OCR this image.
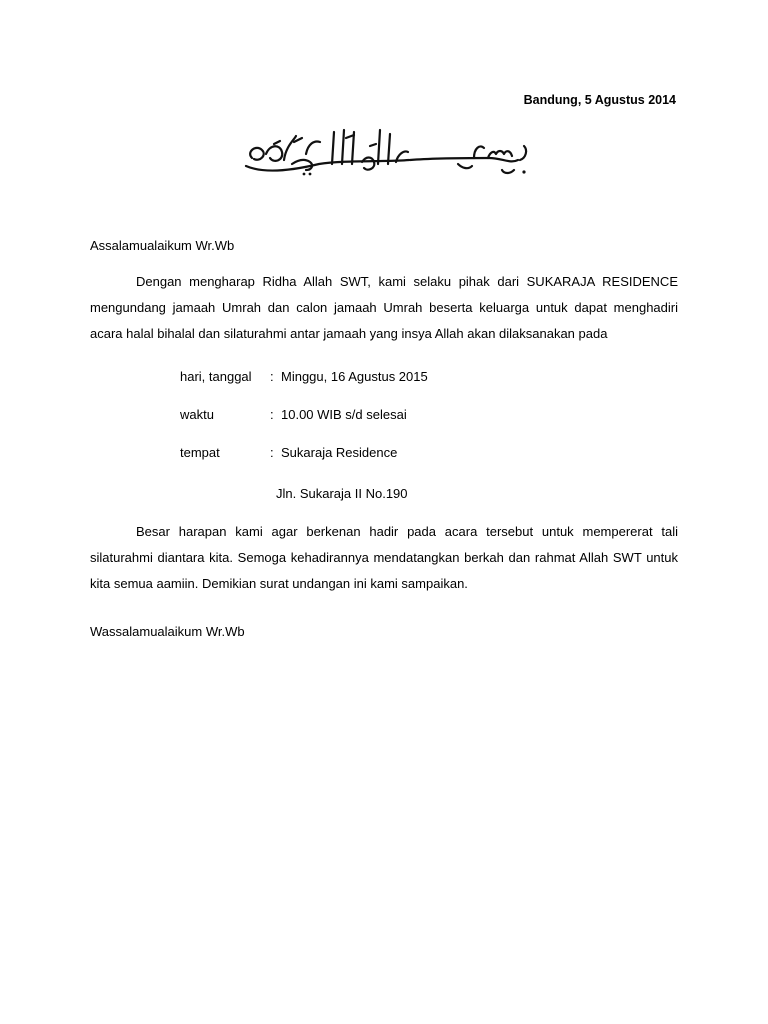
Bandung, 5 Agustus 2014
Assalamualaikum Wr.Wb
Dengan mengharap Ridha Allah SWT, kami selaku pihak dari SUKARAJA RESIDENCE mengundang jamaah Umrah dan calon jamaah Umrah beserta keluarga untuk dapat menghadiri acara halal bihalal dan silaturahmi antar jamaah yang insya Allah akan dilaksanakan pada
hari, tanggal : Minggu, 16 Agustus 2015
waktu	: 10.00 WIB s/d selesai
tempat	: Sukaraja Residence
Jln. Sukaraja II No.190
Besar harapan kami agar berkenan hadir pada acara tersebut untuk mempererat tali silaturahmi diantara kita. Semoga kehadirannya mendatangkan berkah dan rahmat Allah SWT untuk kita semua aamiin. Demikian surat undangan ini kami sampaikan.
Wassalamualaikum Wr.Wb
